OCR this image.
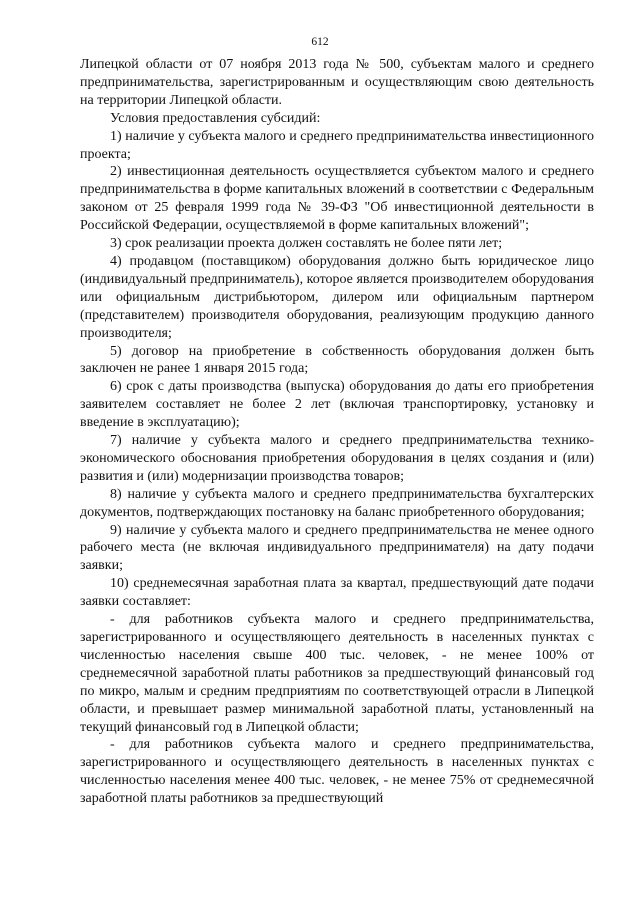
612

Липецкой области от 07 ноября 2013 года № 500, субъектам малого и среднего предпринимательства, зарегистрированным и осуществляющим свою деятельность на территории Липецкой области.

Условия предоставления субсидий:

1) наличие у субъекта малого и среднего предпринимательства инвестиционного проекта;

2) инвестиционная деятельность осуществляется субъектом малого и среднего предпринимательства в форме капитальных вложений в соответствии с Федеральным законом от 25 февраля 1999 года № 39-ФЗ "Об инвестиционной деятельности в Российской Федерации, осуществляемой в форме капитальных вложений";

3) срок реализации проекта должен составлять не более пяти лет;

4) продавцом (поставщиком) оборудования должно быть юридическое лицо (индивидуальный предприниматель), которое является производителем оборудования или официальным дистрибьютором, дилером или официальным партнером (представителем) производителя оборудования, реализующим продукцию данного производителя;

5) договор на приобретение в собственность оборудования должен быть заключен не ранее 1 января 2015 года;

6) срок с даты производства (выпуска) оборудования до даты его приобретения заявителем составляет не более 2 лет (включая транспортировку, установку и введение в эксплуатацию);

7) наличие у субъекта малого и среднего предпринимательства технико-экономического обоснования приобретения оборудования в целях создания и (или) развития и (или) модернизации производства товаров;

8) наличие у субъекта малого и среднего предпринимательства бухгалтерских документов, подтверждающих постановку на баланс приобретенного оборудования;

9) наличие у субъекта малого и среднего предпринимательства не менее одного рабочего места (не включая индивидуального предпринимателя) на дату подачи заявки;

10) среднемесячная заработная плата за квартал, предшествующий дате подачи заявки составляет:

- для работников субъекта малого и среднего предпринимательства, зарегистрированного и осуществляющего деятельность в населенных пунктах с численностью населения свыше 400 тыс. человек, - не менее 100% от среднемесячной заработной платы работников за предшествующий финансовый год по микро, малым и средним предприятиям по соответствующей отрасли в Липецкой области, и превышает размер минимальной заработной платы, установленный на текущий финансовый год в Липецкой области;

- для работников субъекта малого и среднего предпринимательства, зарегистрированного и осуществляющего деятельность в населенных пунктах с численностью населения менее 400 тыс. человек, - не менее 75% от среднемесячной заработной платы работников за предшествующий
